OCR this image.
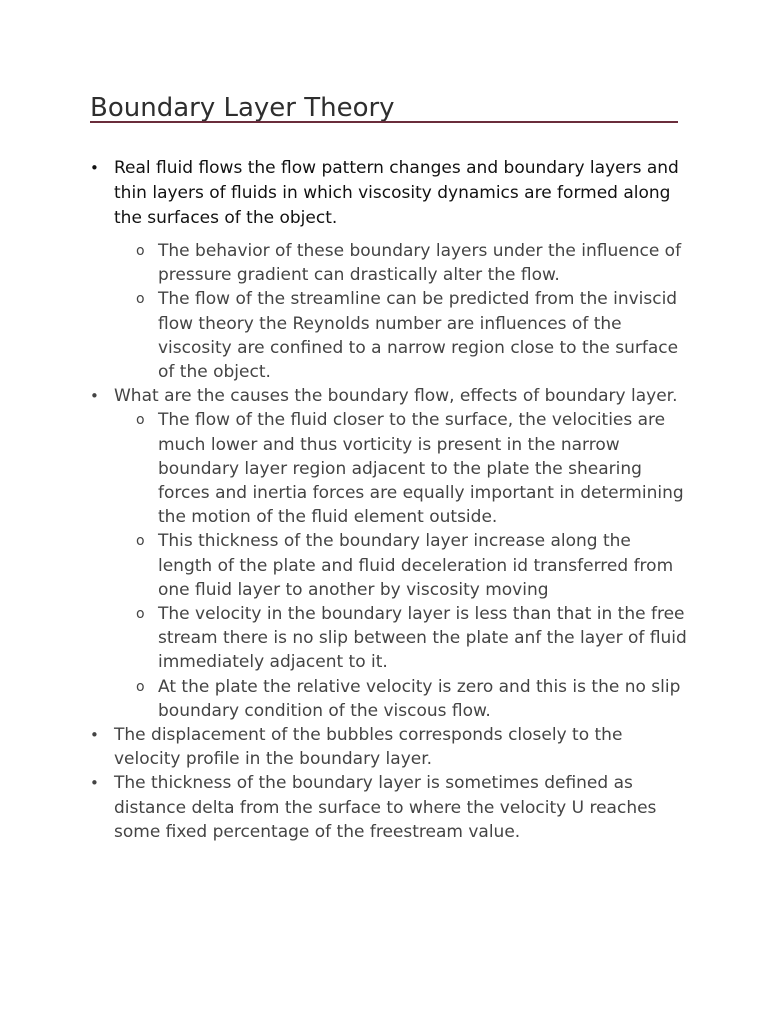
Boundary Layer Theory
• Real fluid flows the flow pattern changes and boundary layers and thin layers of fluids in which viscosity dynamics are formed along the surfaces of the object.
o The behavior of these boundary layers under the influence of pressure gradient can drastically alter the flow.
o The flow of the streamline can be predicted from the inviscid flow theory the Reynolds number are influences of the viscosity are confined to a narrow region close to the surface of the object.
• What are the causes the boundary flow, effects of boundary layer.
o The flow of the fluid closer to the surface, the velocities are much lower and thus vorticity is present in the narrow boundary layer region adjacent to the plate the shearing forces and inertia forces are equally important in determining the motion of the fluid element outside.
o This thickness of the boundary layer increase along the length of the plate and fluid deceleration id transferred from one fluid layer to another by viscosity moving
o The velocity in the boundary layer is less than that in the free stream there is no slip between the plate anf the layer of fluid immediately adjacent to it.
o At the plate the relative velocity is zero and this is the no slip boundary condition of the viscous flow.
• The displacement of the bubbles corresponds closely to the velocity profile in the boundary layer.
• The thickness of the boundary layer is sometimes defined as distance delta from the surface to where the velocity U reaches some fixed percentage of the freestream value.
